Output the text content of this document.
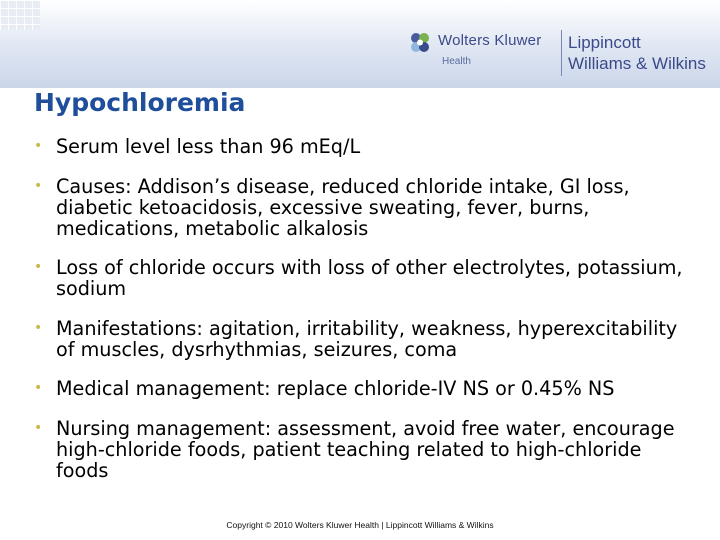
Wolters Kluwer
Health
Lippincott
Williams & Wilkins
Hypochloremia
• Serum level less than 96 mEq/L
• Causes: Addison’s disease, reduced chloride intake, GI loss, diabetic ketoacidosis, excessive sweating, fever, burns, medications, metabolic alkalosis
• Loss of chloride occurs with loss of other electrolytes, potassium, sodium
• Manifestations: agitation, irritability, weakness, hyperexcitability of muscles, dysrhythmias, seizures, coma
• Medical management: replace chloride-IV NS or 0.45% NS
• Nursing management: assessment, avoid free water, encourage high-chloride foods, patient teaching related to high-chloride foods
Copyright © 2010 Wolters Kluwer Health | Lippincott Williams & Wilkins
